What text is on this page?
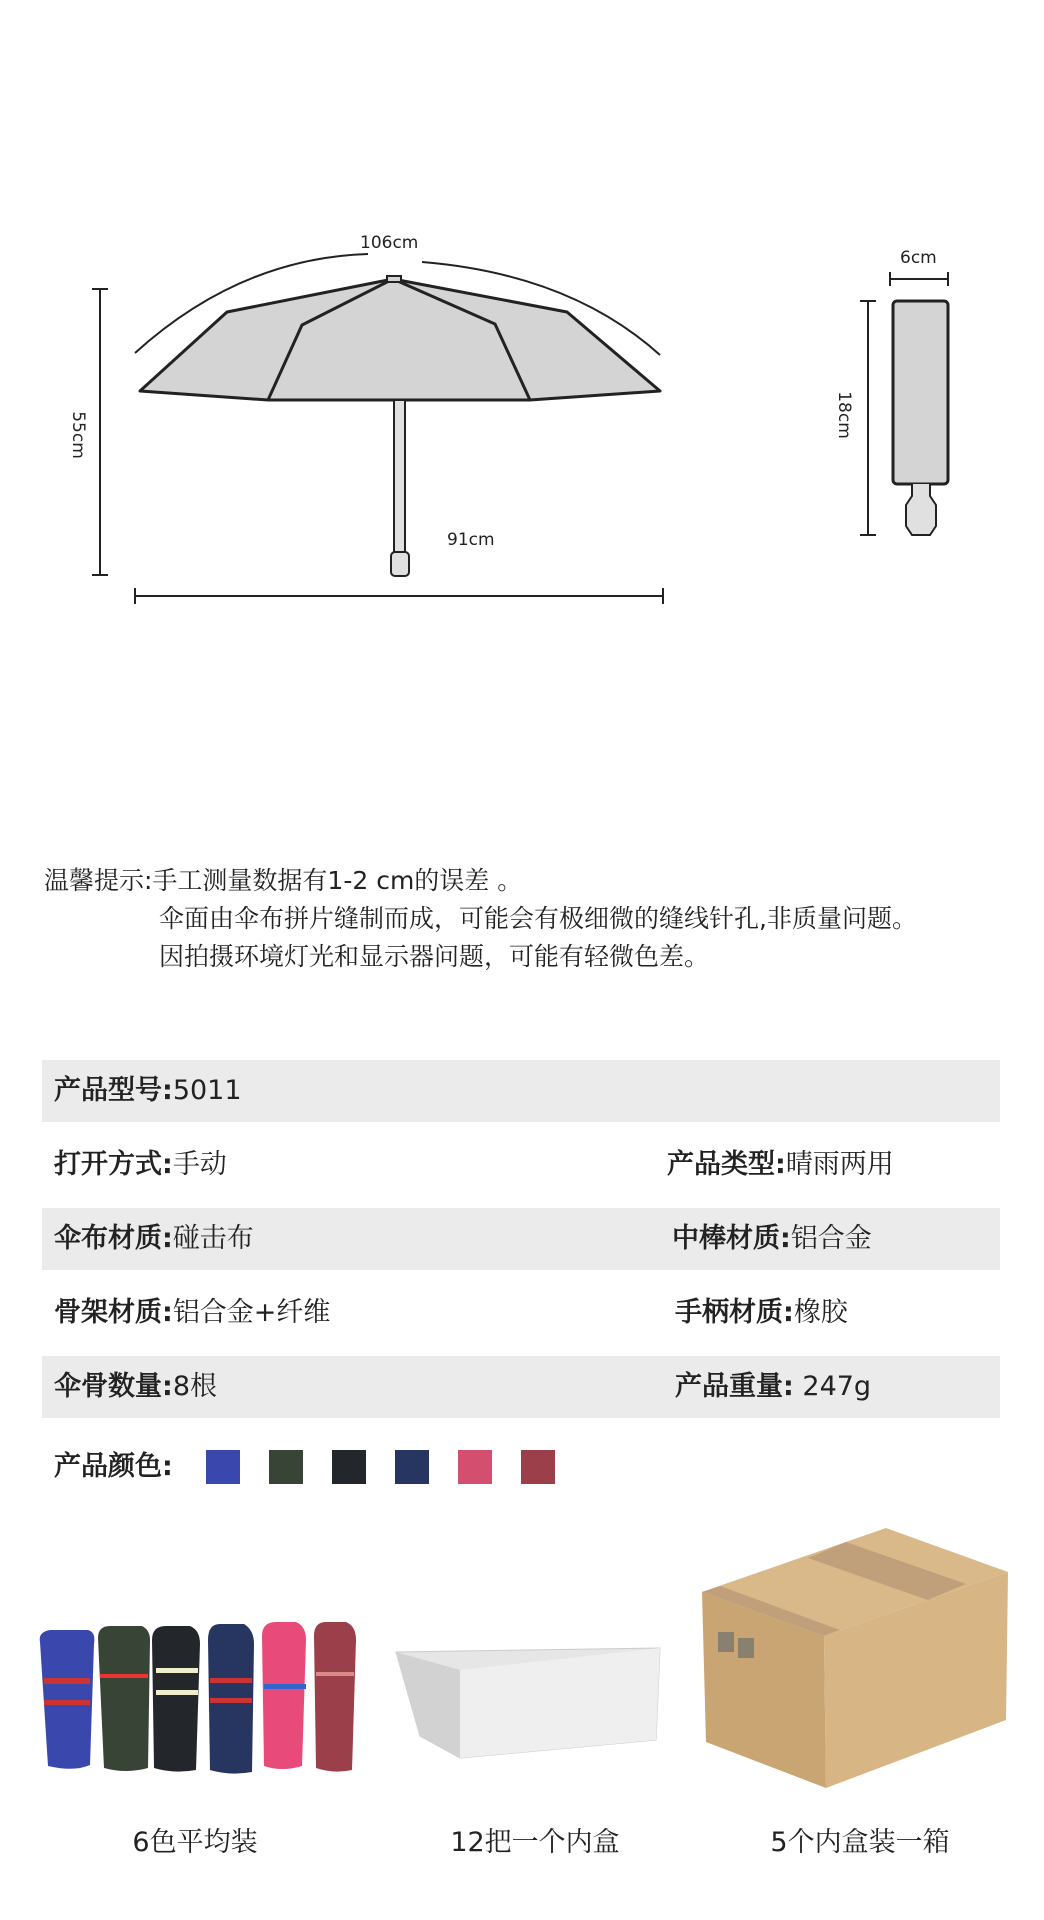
106cm
55cm
91cm
6cm
18cm
温馨提示:手工测量数据有1-2 cm的误差 。
伞面由伞布拼片缝制而成，可能会有极细微的缝线针孔,非质量问题。
因拍摄环境灯光和显示器问题，可能有轻微色差。
产品型号:5011
打开方式:手动	产品类型:晴雨两用
伞布材质:碰击布	中棒材质:铝合金
骨架材质:铝合金+纤维	手柄材质:橡胶
伞骨数量:8根	产品重量: 247g
产品颜色:
6色平均装	12把一个内盒	5个内盒装一箱
